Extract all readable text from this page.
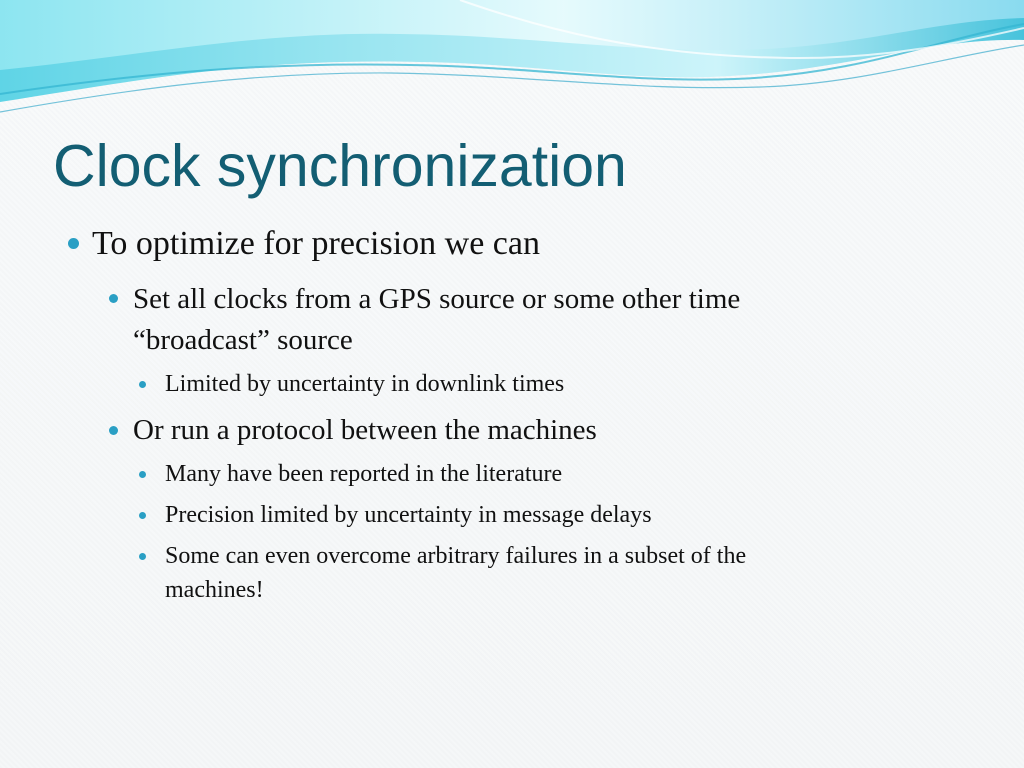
Clock synchronization

To optimize for precision we can

Set all clocks from a GPS source or some other time

“broadcast” source

Limited by uncertainty in downlink times

Or run a protocol between the machines

Many have been reported in the literature

Precision limited by uncertainty in message delays

Some can even overcome arbitrary failures in a subset of the

machines!
